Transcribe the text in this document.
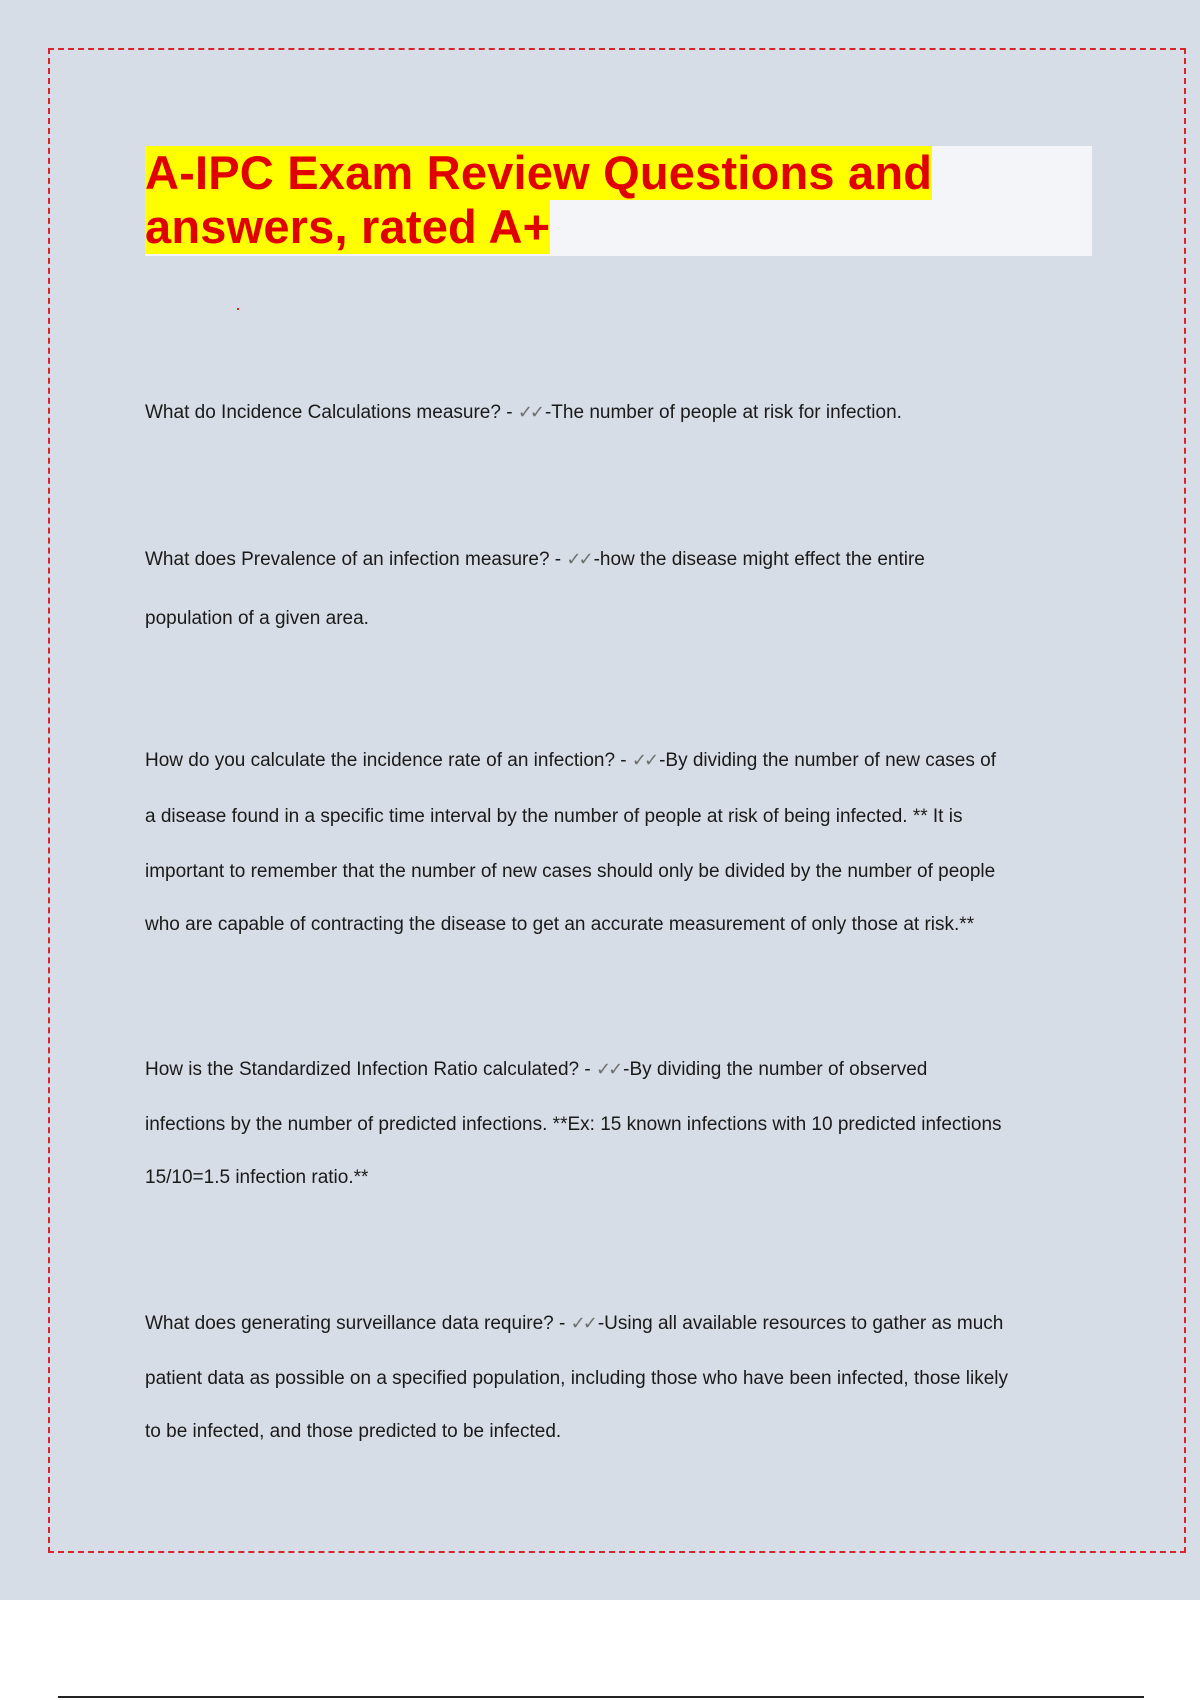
A-IPC Exam Review Questions and
answers, rated A+
What do Incidence Calculations measure? - ✓✓ -The number of people at risk for infection.
What does Prevalence of an infection measure? - ✓✓ -how the disease might effect the entire
population of a given area.
How do you calculate the incidence rate of an infection? - ✓✓ -By dividing the number of new cases of
a disease found in a specific time interval by the number of people at risk of being infected. ** It is
important to remember that the number of new cases should only be divided by the number of people
who are capable of contracting the disease to get an accurate measurement of only those at risk.**
How is the Standardized Infection Ratio calculated? - ✓✓ -By dividing the number of observed
infections by the number of predicted infections. **Ex: 15 known infections with 10 predicted infections
15/10=1.5 infection ratio.**
What does generating surveillance data require? - ✓✓ -Using all available resources to gather as much
patient data as possible on a specified population, including those who have been infected, those likely
to be infected, and those predicted to be infected.
